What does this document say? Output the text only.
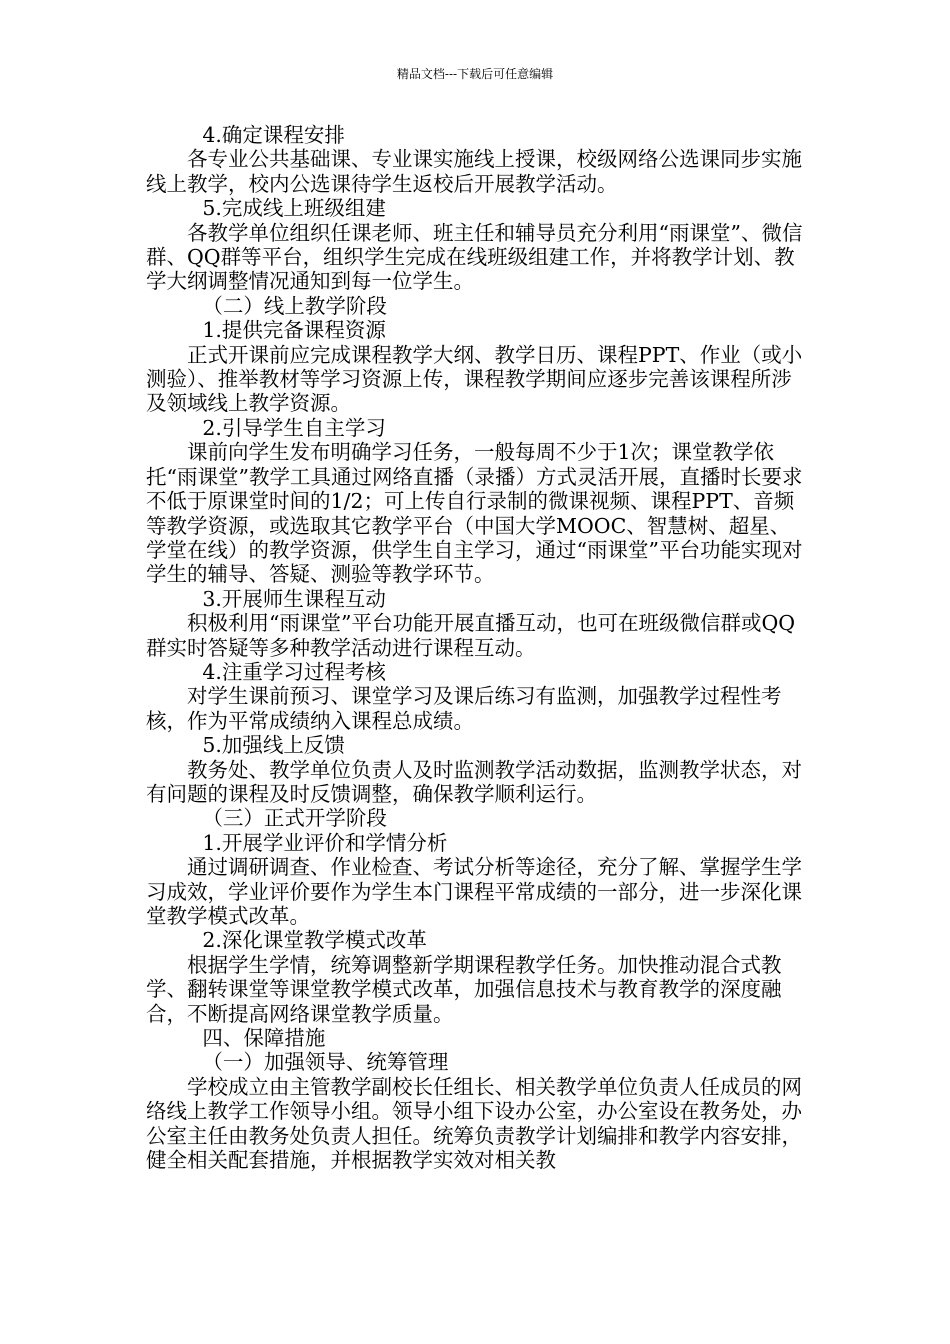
精品文档---下载后可任意编辑

4.确定课程安排

各专业公共基础课、专业课实施线上授课，校级网络公选课同步实施线上教学，校内公选课待学生返校后开展教学活动。

5.完成线上班级组建

各教学单位组织任课老师、班主任和辅导员充分利用“雨课堂”、微信群、QQ群等平台，组织学生完成在线班级组建工作，并将教学计划、教学大纲调整情况通知到每一位学生。

（二）线上教学阶段

1.提供完备课程资源

正式开课前应完成课程教学大纲、教学日历、课程PPT、作业（或小测验）、推举教材等学习资源上传，课程教学期间应逐步完善该课程所涉及领域线上教学资源。

2.引导学生自主学习

课前向学生发布明确学习任务，一般每周不少于1次；课堂教学依托“雨课堂”教学工具通过网络直播（录播）方式灵活开展，直播时长要求不低于原课堂时间的1/2；可上传自行录制的微课视频、课程PPT、音频等教学资源，或选取其它教学平台（中国大学MOOC、智慧树、超星、学堂在线）的教学资源，供学生自主学习，通过“雨课堂”平台功能实现对学生的辅导、答疑、测验等教学环节。

3.开展师生课程互动

积极利用“雨课堂”平台功能开展直播互动，也可在班级微信群或QQ群实时答疑等多种教学活动进行课程互动。

4.注重学习过程考核

对学生课前预习、课堂学习及课后练习有监测，加强教学过程性考核，作为平常成绩纳入课程总成绩。

5.加强线上反馈

教务处、教学单位负责人及时监测教学活动数据，监测教学状态，对有问题的课程及时反馈调整，确保教学顺利运行。

（三）正式开学阶段

1.开展学业评价和学情分析

通过调研调查、作业检查、考试分析等途径，充分了解、掌握学生学习成效，学业评价要作为学生本门课程平常成绩的一部分，进一步深化课堂教学模式改革。

2.深化课堂教学模式改革

根据学生学情，统筹调整新学期课程教学任务。加快推动混合式教学、翻转课堂等课堂教学模式改革，加强信息技术与教育教学的深度融合，不断提高网络课堂教学质量。

四、保障措施

（一）加强领导、统筹管理

学校成立由主管教学副校长任组长、相关教学单位负责人任成员的网络线上教学工作领导小组。领导小组下设办公室，办公室设在教务处，办公室主任由教务处负责人担任。统筹负责教学计划编排和教学内容安排，健全相关配套措施，并根据教学实效对相关教
